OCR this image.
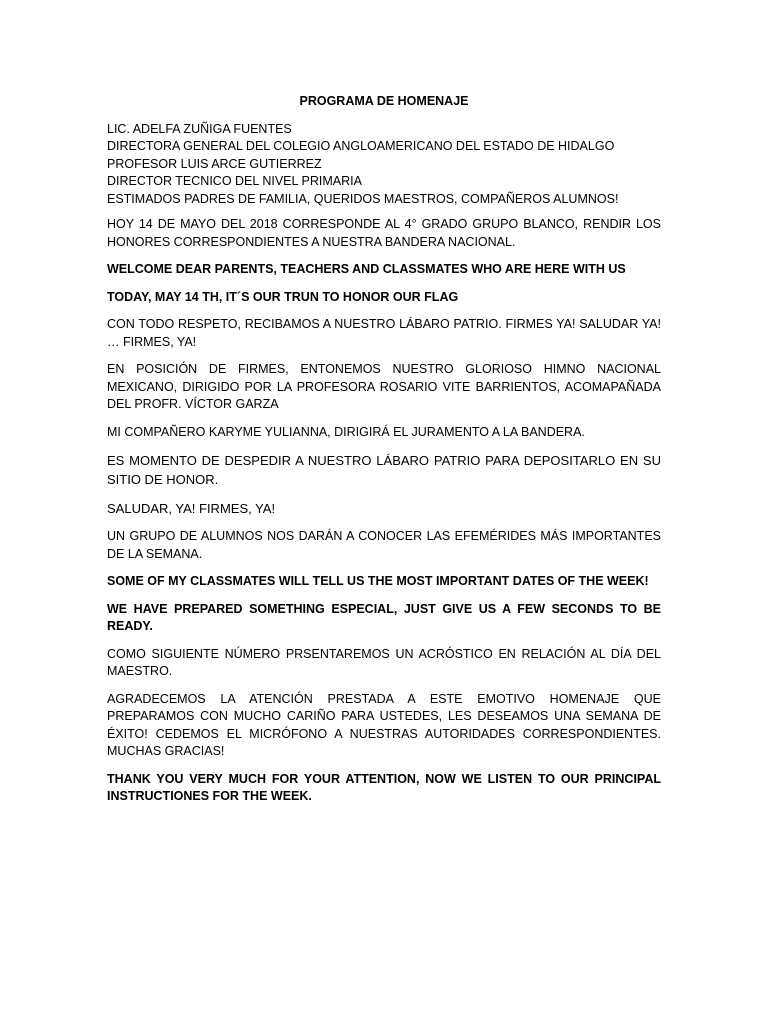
PROGRAMA DE HOMENAJE
LIC. ADELFA ZUÑIGA FUENTES
DIRECTORA GENERAL DEL COLEGIO ANGLOAMERICANO DEL ESTADO DE HIDALGO
PROFESOR LUIS ARCE GUTIERREZ
DIRECTOR TECNICO DEL NIVEL PRIMARIA
ESTIMADOS PADRES DE FAMILIA, QUERIDOS MAESTROS, COMPAÑEROS ALUMNOS!

HOY 14 DE MAYO DEL 2018 CORRESPONDE AL 4° GRADO GRUPO BLANCO, RENDIR LOS HONORES CORRESPONDIENTES A NUESTRA BANDERA NACIONAL.

WELCOME DEAR PARENTS, TEACHERS AND CLASSMATES WHO ARE HERE WITH US

TODAY, MAY 14 TH, IT´S OUR TRUN TO HONOR OUR FLAG

CON TODO RESPETO, RECIBAMOS A NUESTRO LÁBARO PATRIO. FIRMES YA! SALUDAR YA! … FIRMES, YA!

EN POSICIÓN DE FIRMES, ENTONEMOS NUESTRO GLORIOSO HIMNO NACIONAL MEXICANO, DIRIGIDO POR LA PROFESORA ROSARIO VITE BARRIENTOS, ACOMAPAÑADA DEL PROFR. VÍCTOR GARZA

MI COMPAÑERO KARYME YULIANNA, DIRIGIRÁ EL JURAMENTO A LA BANDERA.

ES MOMENTO DE DESPEDIR A NUESTRO LÁBARO PATRIO PARA DEPOSITARLO EN SU SITIO DE HONOR.

SALUDAR, YA! FIRMES, YA!

UN GRUPO DE ALUMNOS NOS DARÁN A CONOCER LAS EFEMÉRIDES MÁS IMPORTANTES DE LA SEMANA.

SOME OF MY CLASSMATES WILL TELL US THE MOST IMPORTANT DATES OF THE WEEK!

WE HAVE PREPARED SOMETHING ESPECIAL, JUST GIVE US A FEW SECONDS TO BE READY.

COMO SIGUIENTE NÚMERO PRSENTAREMOS UN ACRÓSTICO EN RELACIÓN AL DÍA DEL MAESTRO.

AGRADECEMOS LA ATENCIÓN PRESTADA A ESTE EMOTIVO HOMENAJE QUE PREPARAMOS CON MUCHO CARIÑO PARA USTEDES, LES DESEAMOS UNA SEMANA DE ÉXITO! CEDEMOS EL MICRÓFONO A NUESTRAS AUTORIDADES CORRESPONDIENTES. MUCHAS GRACIAS!

THANK YOU VERY MUCH FOR YOUR ATTENTION, NOW WE LISTEN TO OUR PRINCIPAL INSTRUCTIONES FOR THE WEEK.
